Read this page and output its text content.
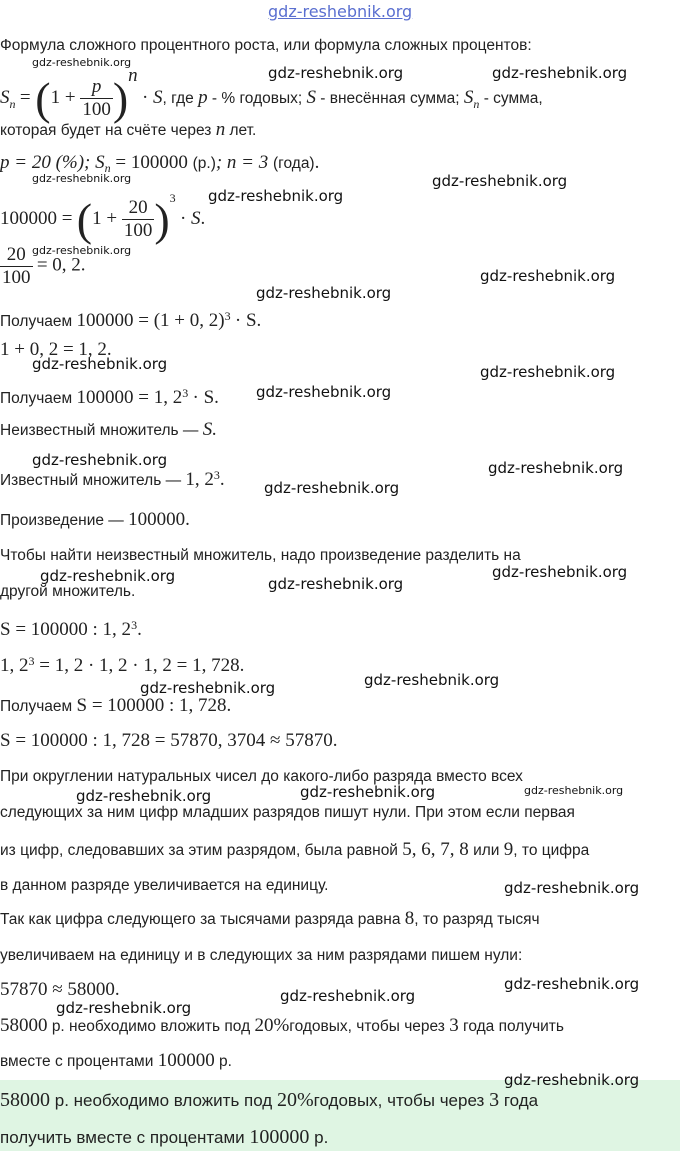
gdz-reshebnik.org
Формула сложного процентного роста, или формула сложных процентов:
$S_n = (1 + \frac{p}{100} )^n \cdot S$, где p - % годовых; S - внесённая сумма; $S_n$ - сумма,
которая будет на счёте через n лет.
p = 20 (%); $S_n = 100000$ (р.); n = 3 (года).
$100000 = (1 + \frac{20}{100} )^3 \cdot S$.
$\frac{20}{100} = 0$, 2.
Получаем 100000 = (1 + 0, 2)$^3$ · S.
1 + 0, 2 = 1, 2.
Получаем 100000 = 1, $2^3 \cdot S$.
Неизвестный множитель — S.
Известный множитель — 1, $2^3$.
Произведение — 100000.
Чтобы найти неизвестный множитель, надо произведение разделить на
другой множитель.
S = 100000 : 1, $2^3$.
1, $2^3 = 1$, 2 · 1, 2 · 1, 2 = 1, 728.
Получаем S = 100000 : 1, 728.
S = 100000 : 1, 728 = 57870, 3704 ≈ 57870.
При округлении натуральных чисел до какого-либо разряда вместо всех
следующих за ним цифр младших разрядов пишут нули. При этом если первая
из цифр, следовавших за этим разрядом, была равной 5, 6, 7, 8 или 9, то цифра
в данном разряде увеличивается на единицу.
Так как цифра следующего за тысячами разряда равна 8, то разряд тысяч
увеличиваем на единицу и в следующих за ним разрядами пишем нули:
57870 ≈ 58000.
58000 р. необходимо вложить под 20%годовых, чтобы через 3 года получить
вместе с процентами 100000 р.
58000 р. необходимо вложить под 20%годовых, чтобы через 3 года
получить вместе с процентами 100000 р.
gdz-reshebnik.org
gdz-reshebnik.org	gdz-reshebnik.org
gdz-reshebnik.org	gdz-reshebnik.org
gdz-reshebnik.org
gdz-reshebnik.org
gdz-reshebnik.org
gdz-reshebnik.org
gdz-reshebnik.org	gdz-reshebnik.org
gdz-reshebnik.org
gdz-reshebnik.org	gdz-reshebnik.org
gdz-reshebnik.org
gdz-reshebnik.org
gdz-reshebnik.org	gdz-reshebnik.org
gdz-reshebnik.org
gdz-reshebnik.org
gdz-reshebnik.org
gdz-reshebnik.org
gdz-reshebnik.org
gdz-reshebnik.org
gdz-reshebnik.org
gdz-reshebnik.org
gdz-reshebnik.org
gdz-reshebnik.org
